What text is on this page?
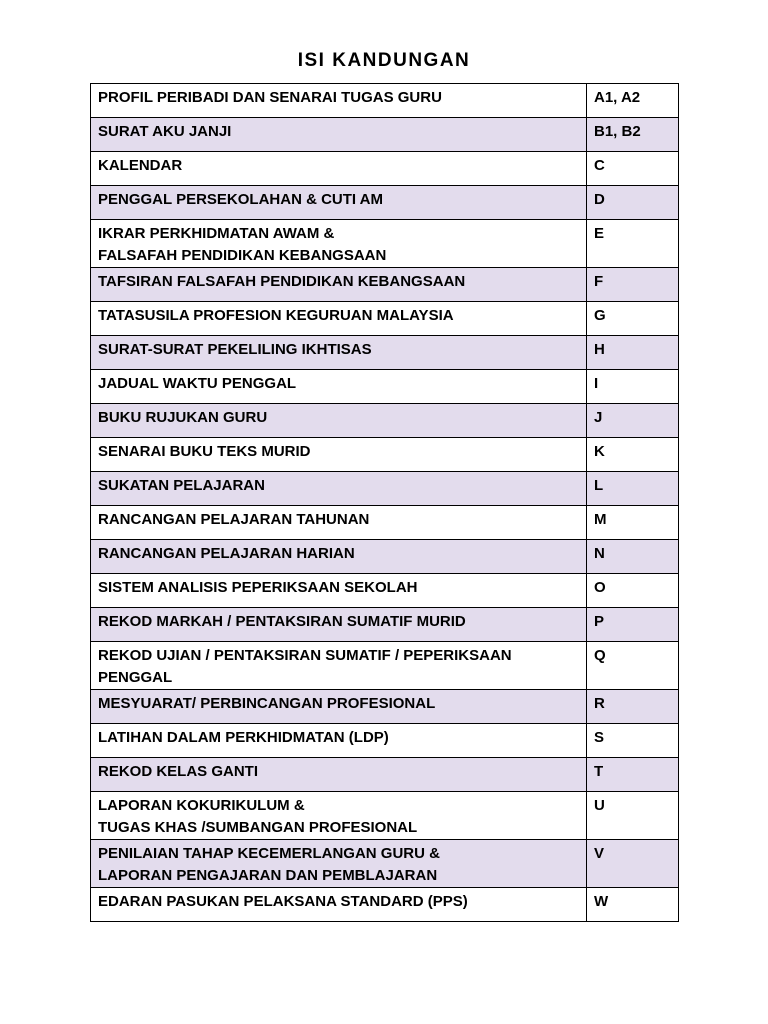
ISI KANDUNGAN
PROFIL PERIBADI DAN SENARAI TUGAS GURU	A1, A2
SURAT AKU JANJI	B1, B2
KALENDAR	C
PENGGAL PERSEKOLAHAN & CUTI AM	D
IKRAR PERKHIDMATAN AWAM &
FALSAFAH PENDIDIKAN KEBANGSAAN	E
TAFSIRAN FALSAFAH PENDIDIKAN KEBANGSAAN	F
TATASUSILA PROFESION KEGURUAN MALAYSIA	G
SURAT-SURAT PEKELILING IKHTISAS	H
JADUAL WAKTU PENGGAL	I
BUKU RUJUKAN GURU	J
SENARAI BUKU TEKS MURID	K
SUKATAN PELAJARAN	L
RANCANGAN PELAJARAN TAHUNAN	M
RANCANGAN PELAJARAN HARIAN	N
SISTEM ANALISIS PEPERIKSAAN SEKOLAH	O
REKOD MARKAH / PENTAKSIRAN SUMATIF MURID	P
REKOD UJIAN / PENTAKSIRAN SUMATIF / PEPERIKSAAN PENGGAL	Q
MESYUARAT/ PERBINCANGAN PROFESIONAL	R
LATIHAN DALAM PERKHIDMATAN (LDP)	S
REKOD KELAS GANTI	T
LAPORAN KOKURIKULUM &
TUGAS KHAS /SUMBANGAN PROFESIONAL	U
PENILAIAN TAHAP KECEMERLANGAN GURU &
LAPORAN PENGAJARAN DAN PEMBLAJARAN	V
EDARAN PASUKAN PELAKSANA STANDARD (PPS)	W
